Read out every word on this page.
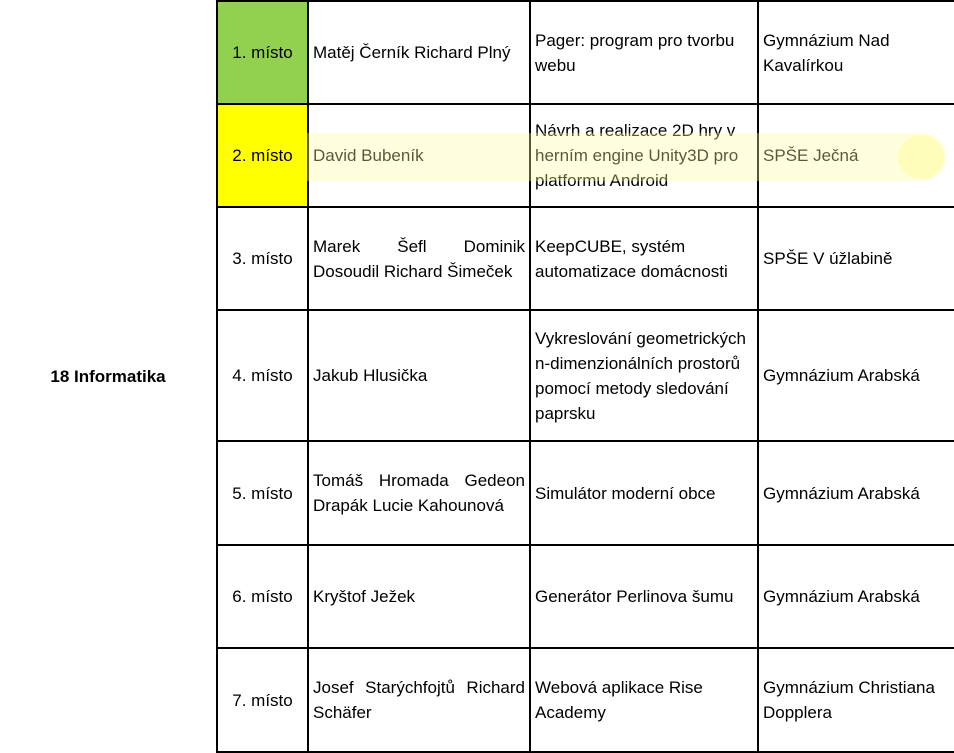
18 Informatika	1. místo	Matěj Černík Richard Plný	Pager: program pro tvorbu webu	Gymnázium Nad Kavalírkou
	2. místo	David Bubeník	Návrh a realizace 2D hry v herním engine Unity3D pro platformu Android	SPŠE Ječná
	3. místo	Marek Šefl Dominik Dosoudil Richard Šimeček	KeepCUBE, systém automatizace domácnosti	SPŠE V úžlabině
	4. místo	Jakub Hlusička	Vykreslování geometrických n-dimenzionálních prostorů pomocí metody sledování paprsku	Gymnázium Arabská
	5. místo	Tomáš Hromada Gedeon Drapák Lucie Kahounová	Simulátor moderní obce	Gymnázium Arabská
	6. místo	Kryštof Ježek	Generátor Perlinova šumu	Gymnázium Arabská
	7. místo	Josef Starýchfojtů Richard Schäfer	Webová aplikace Rise Academy	Gymnázium Christiana Dopplera
